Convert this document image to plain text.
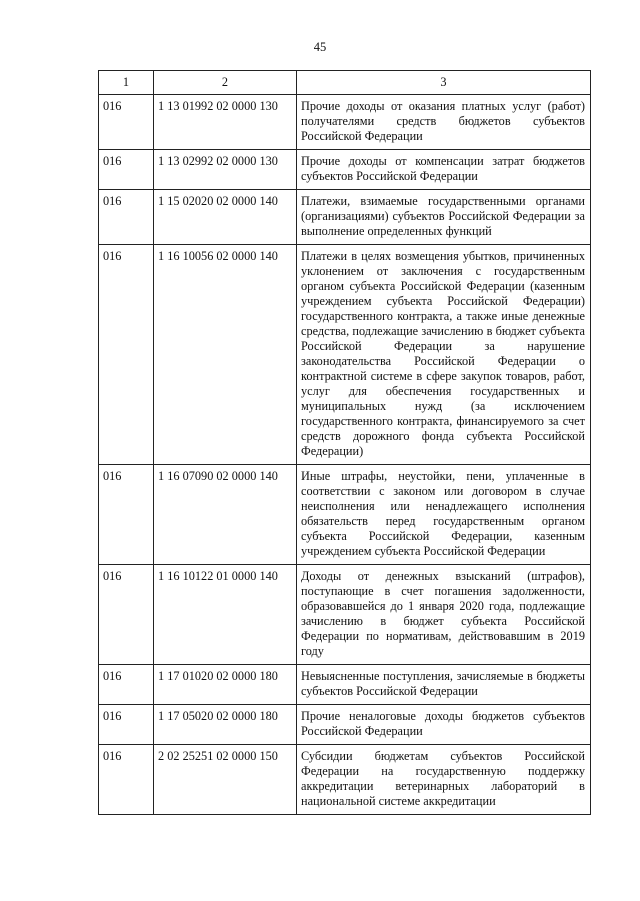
45
1	2	3
016	1 13 01992 02 0000 130	Прочие доходы от оказания платных услуг (работ) получателями средств бюджетов субъектов Российской Федерации
016	1 13 02992 02 0000 130	Прочие доходы от компенсации затрат бюджетов субъектов Российской Федерации
016	1 15 02020 02 0000 140	Платежи, взимаемые государственными органами (организациями) субъектов Российской Федерации за выполнение определенных функций
016	1 16 10056 02 0000 140	Платежи в целях возмещения убытков, причиненных уклонением от заключения с государственным органом субъекта Российской Федерации (казенным учреждением субъекта Российской Федерации) государственного контракта, а также иные денежные средства, подлежащие зачислению в бюджет субъекта Российской Федерации за нарушение законодательства Российской Федерации о контрактной системе в сфере закупок товаров, работ, услуг для обеспечения государственных и муниципальных нужд (за исключением государственного контракта, финансируемого за счет средств дорожного фонда субъекта Российской Федерации)
016	1 16 07090 02 0000 140	Иные штрафы, неустойки, пени, уплаченные в соответствии с законом или договором в случае неисполнения или ненадлежащего исполнения обязательств перед государственным органом субъекта Российской Федерации, казенным учреждением субъекта Российской Федерации
016	1 16 10122 01 0000 140	Доходы от денежных взысканий (штрафов), поступающие в счет погашения задолженности, образовавшейся до 1 января 2020 года, подлежащие зачислению в бюджет субъекта Российской Федерации по нормативам, действовавшим в 2019 году
016	1 17 01020 02 0000 180	Невыясненные поступления, зачисляемые в бюджеты субъектов Российской Федерации
016	1 17 05020 02 0000 180	Прочие неналоговые доходы бюджетов субъектов Российской Федерации
016	2 02 25251 02 0000 150	Субсидии бюджетам субъектов Российской Федерации на государственную поддержку аккредитации ветеринарных лабораторий в национальной системе аккредитации
